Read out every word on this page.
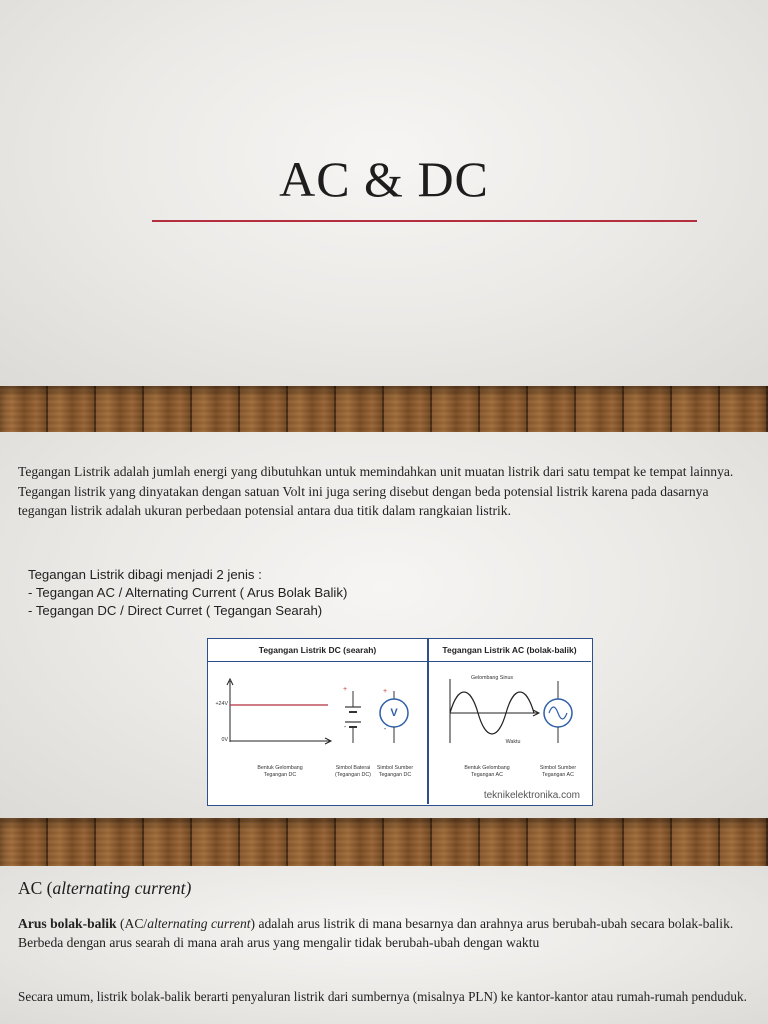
AC & DC
Tegangan Listrik adalah jumlah energi yang dibutuhkan untuk memindahkan unit muatan listrik dari satu tempat ke tempat lainnya. Tegangan listrik yang dinyatakan dengan satuan Volt ini juga sering disebut dengan beda potensial listrik karena pada dasarnya tegangan listrik adalah ukuran perbedaan potensial antara dua titik dalam rangkaian listrik.
Tegangan Listrik dibagi menjadi 2 jenis :
- Tegangan AC / Alternating Current ( Arus Bolak Balik)
- Tegangan DC / Direct Curret ( Tegangan Searah)
Tegangan Listrik DC (searah)	Tegangan Listrik AC (bolak-balik)
+24V
0V
+
-
+
-
V
Bentuk Gelombang Tegangan DC
Simbol Baterai (Tegangan DC)
Simbol Sumber Tegangan DC
Gelombang Sinus
Waktu
Bentuk Gelombang Tegangan AC
Simbol Sumber Tegangan AC
teknikelektronika.com
AC (alternating current)
Arus bolak-balik (AC/alternating current) adalah arus listrik di mana besarnya dan arahnya arus berubah-ubah secara bolak-balik. Berbeda dengan arus searah di mana arah arus yang mengalir tidak berubah-ubah dengan waktu
Secara umum, listrik bolak-balik berarti penyaluran listrik dari sumbernya (misalnya PLN) ke kantor-kantor atau rumah-rumah penduduk.
